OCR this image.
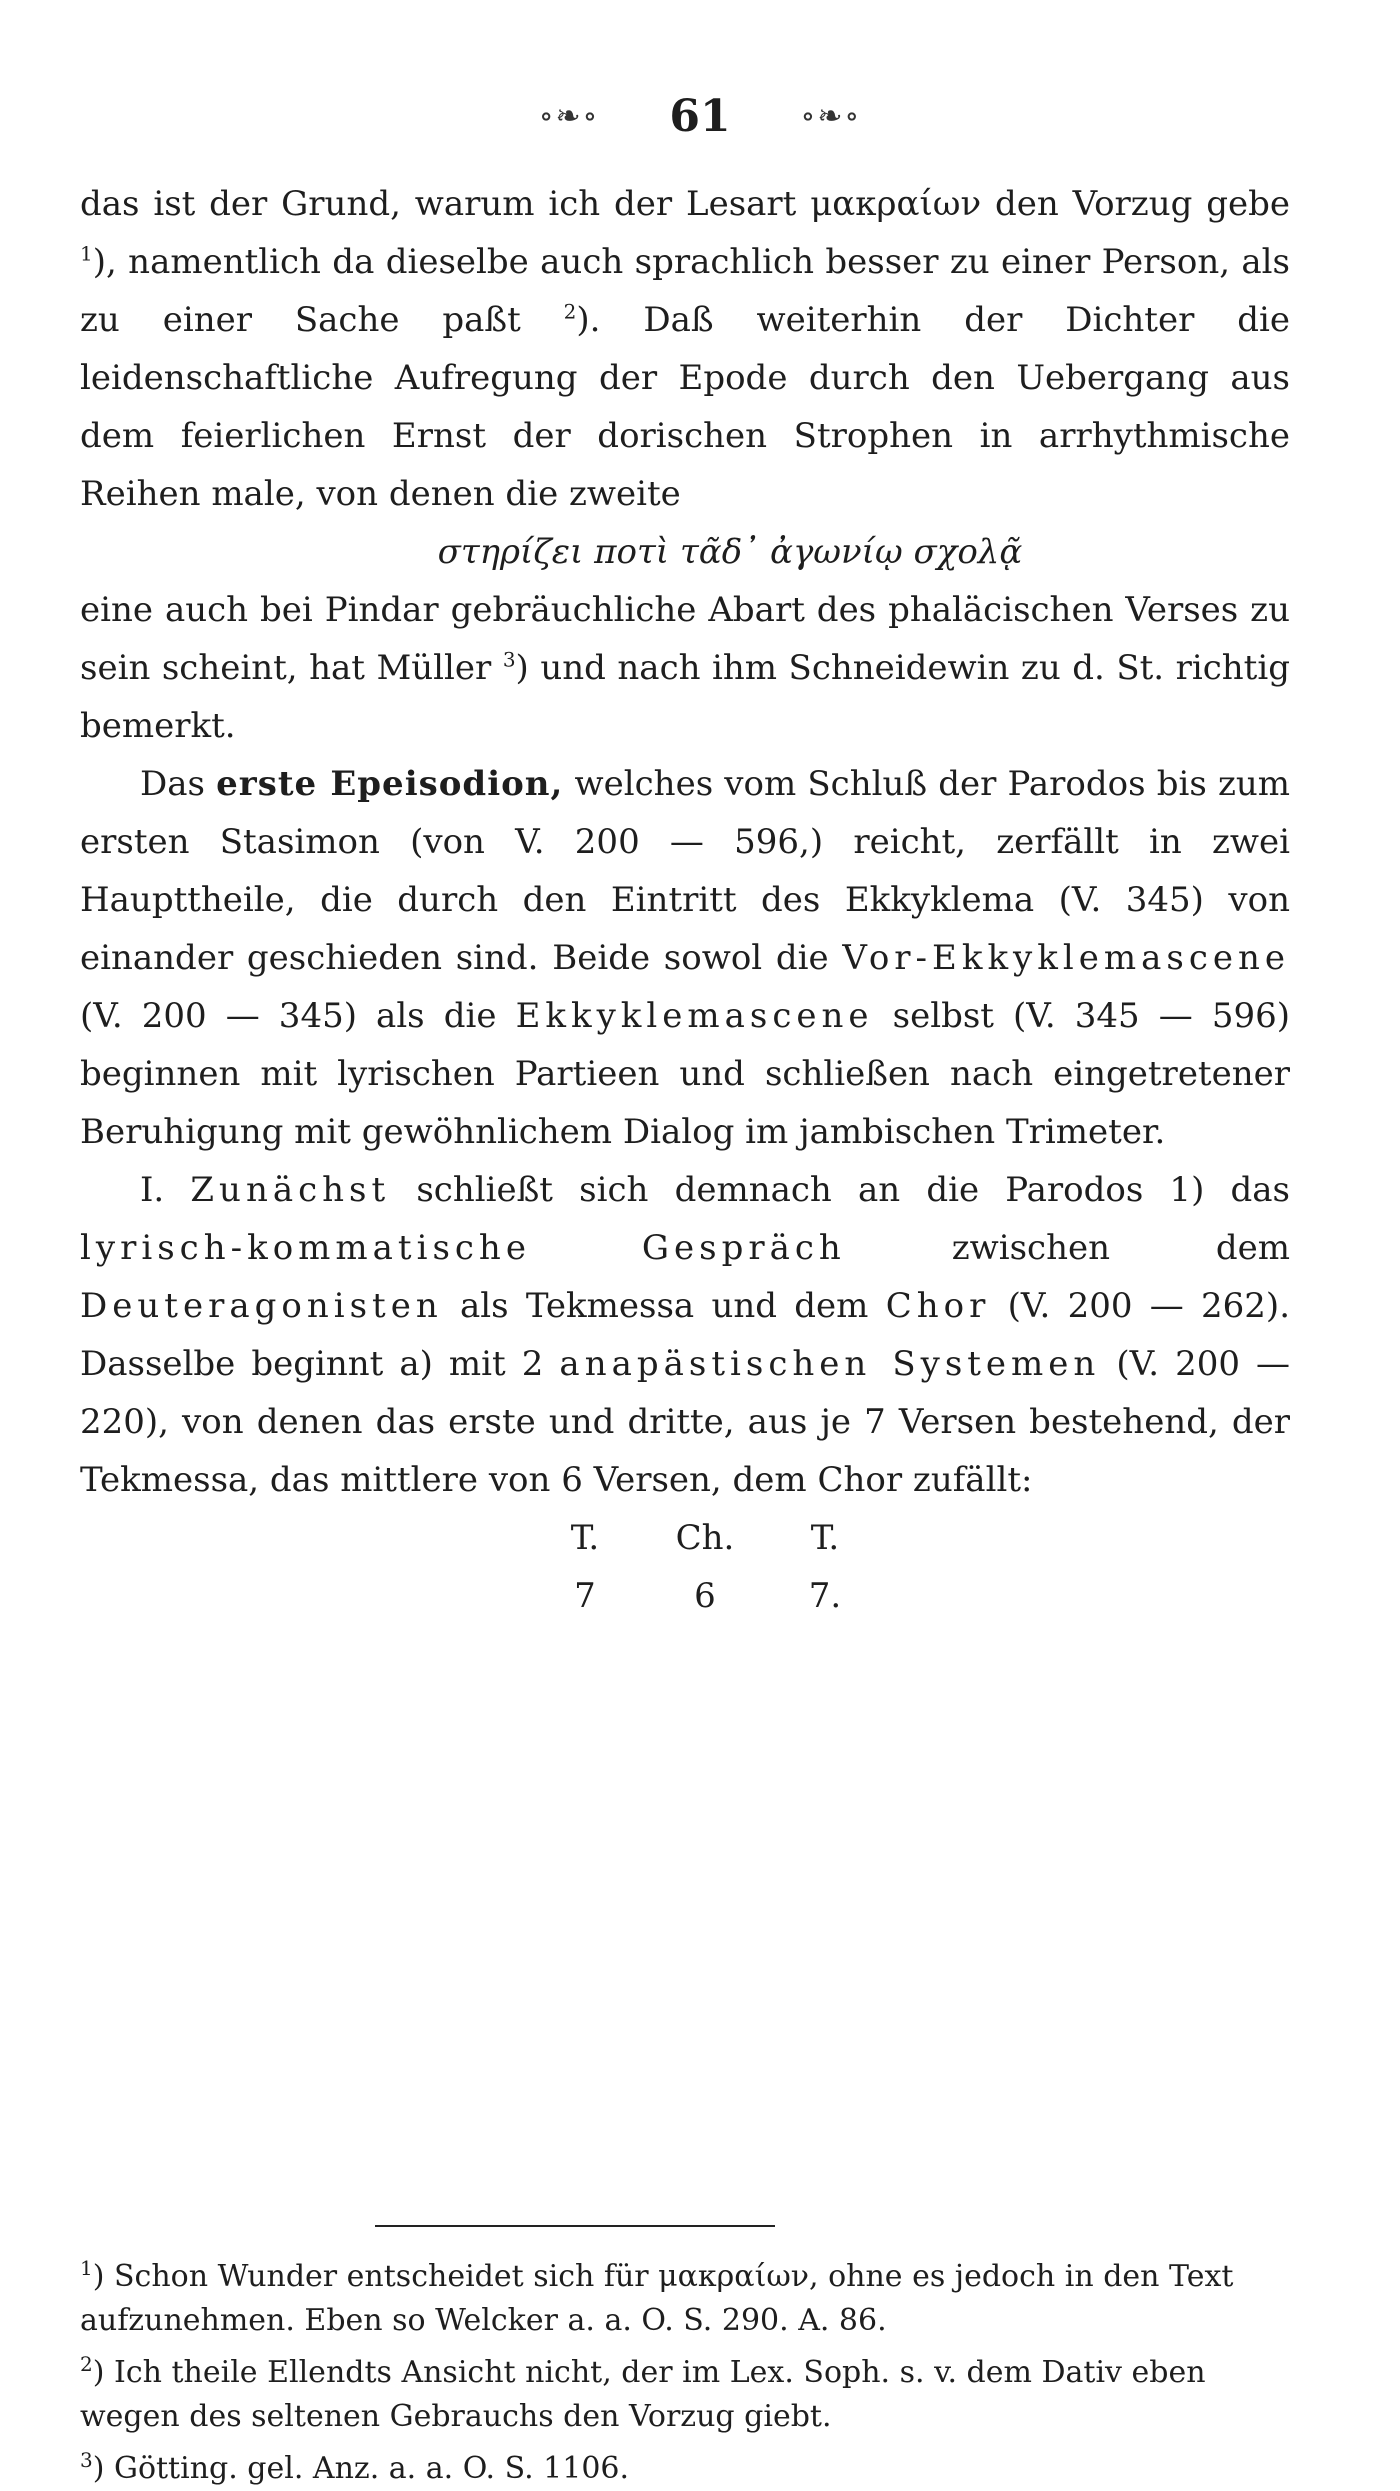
∘❧∘ 61 ∘❧∘

das ist der Grund, warum ich der Lesart μακραίων den Vorzug gebe $^1$), namentlich da dieselbe auch sprachlich besser zu einer Person, als zu einer Sache paßt $^2$). Daß weiterhin der Dichter die leidenschaftliche Aufregung der Epode durch den Uebergang aus dem feierlichen Ernst der dorischen Strophen in arrhythmische Reihen male, von denen die zweite

στηρίζει ποτὶ τᾶδ᾽ ἀγωνίῳ σχολᾷ

eine auch bei Pindar gebräuchliche Abart des phaläcischen Verses zu sein scheint, hat Müller $^3$) und nach ihm Schneidewin zu d. St. richtig bemerkt.

Das erste Epeisodion, welches vom Schluß der Parodos bis zum ersten Stasimon (von V. 200 — 596,) reicht, zerfällt in zwei Haupttheile, die durch den Eintritt des Ekkyklema (V. 345) von einander geschieden sind. Beide sowol die Vor-Ekkyklemascene (V. 200 — 345) als die Ekkyklemascene selbst (V. 345 — 596) beginnen mit lyrischen Partieen und schließen nach eingetretener Beruhigung mit gewöhnlichem Dialog im jambischen Trimeter.

I. Zunächst schließt sich demnach an die Parodos 1) das lyrisch-kommatische Gespräch	zwischen dem Deuteragonisten als Tekmessa und dem Chor (V. 200 — 262). Dasselbe beginnt a) mit 2 anapästischen Systemen (V. 200 — 220), von denen das erste und dritte, aus je 7 Versen bestehend, der Tekmessa, das mittlere von 6 Versen, dem Chor zufällt:

T.	Ch.	T.
7	6	7.

$^1$) Schon Wunder entscheidet sich für μακραίων, ohne es jedoch in den Text aufzunehmen. Eben so Welcker a. a. O. S. 290. A. 86.

$^2$) Ich theile Ellendts Ansicht nicht, der im Lex. Soph. s. v. dem Dativ eben wegen des seltenen Gebrauchs den Vorzug giebt.

$^3$) Götting. gel. Anz. a. a. O. S. 1106.
